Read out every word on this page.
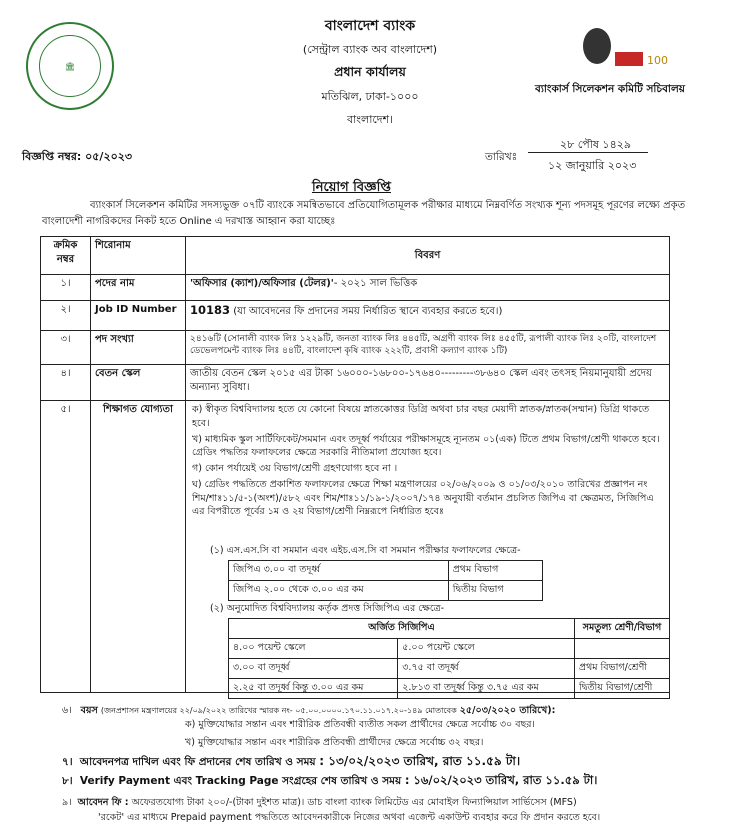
🏛
বাংলাদেশ ব্যাংক
(সেন্ট্রাল ব্যাংক অব বাংলাদেশ)
প্রধান কার্যালয়
মতিঝিল, ঢাকা-১০০০
বাংলাদেশ।
100
ব্যাংকার্স সিলেকশন কমিটি সচিবালয়
বিজ্ঞপ্তি নম্বর: ০৫/২০২৩	তারিখঃ
২৮ পৌষ ১৪২৯
১২ জানুয়ারি ২০২৩
নিয়োগ বিজ্ঞপ্তি
ব্যাংকার্স সিলেকশন কমিটির সদস্যভুক্ত ০৭টি ব্যাংকে সমন্বিতভাবে প্রতিযোগিতামূলক পরীক্ষার মাধ্যমে নিম্নবর্ণিত সংখ্যক শূন্য পদসমূহ পূরণের লক্ষ্যে প্রকৃত বাংলাদেশী নাগরিকদের নিকট হতে Online এ দরখাস্ত আহ্বান করা যাচ্ছেঃ
ক্রমিক নম্বর	শিরোনাম	বিবরণ
১।	পদের নাম	'অফিসার (ক্যাশ)/অফিসার (টেলর)'- ২০২১ সাল ভিত্তিক
২।	Job ID Number	10183 (যা আবেদনের ফি প্রদানের সময় নির্ধারিত স্থানে ব্যবহার করতে হবে।)
৩।	পদ সংখ্যা	২৪১৬টি (সোনালী ব্যাংক লিঃ ১২২৯টি, জনতা ব্যাংক লিঃ ৪৪৫টি, অগ্রণী ব্যাংক লিঃ ৪৫৫টি, রূপালী ব্যাংক লিঃ ২০টি, বাংলাদেশ ডেভেলপমেন্ট ব্যাংক লিঃ ৪৪টি, বাংলাদেশ কৃষি ব্যাংক ২২২টি, প্রবাসী কল্যাণ ব্যাংক ১টি)
৪।	বেতন স্কেল	জাতীয় বেতন স্কেল ২০১৫ এর টাকা ১৬০০০-১৬৮০০-১৭৬৪০---------৩৮৬৪০ স্কেল এবং তৎসহ নিয়মানুযায়ী প্রদেয় অন্যান্য সুবিধা।
৫।	শিক্ষাগত যোগ্যতা	ক) স্বীকৃত বিশ্ববিদ্যালয় হতে যে কোনো বিষয়ে স্নাতকোত্তর ডিগ্রি অথবা চার বছর মেয়াদী স্নাতক/স্নাতক(সম্মান) ডিগ্রি থাকতে হবে।
খ) মাধ্যমিক স্কুল সার্টিফিকেট/সমমান এবং তদূর্ধ্ব পর্যায়ের পরীক্ষাসমূহে ন্যূনতম ০১(এক) টিতে প্রথম বিভাগ/শ্রেণী থাকতে হবে। গ্রেডিং পদ্ধতির ফলাফলের ক্ষেত্রে সরকারি নীতিমালা প্রযোজ্য হবে।
গ) কোন পর্যায়েই ৩য় বিভাগ/শ্রেণী গ্রহণযোগ্য হবে না ।
ঘ) গ্রেডিং পদ্ধতিতে প্রকাশিত ফলাফলের ক্ষেত্রে শিক্ষা মন্ত্রণালয়ের ০২/০৬/২০০৯ ও ০১/০৩/২০১০ তারিখের প্রজ্ঞাপন নং শিম/শাঃ১১/৫-১(অংশ)/৫৮২ এবং শিম/শাঃ১১/১৯-১/২০০৭/১৭৪ অনুযায়ী বর্তমান প্রচলিত জিপিএ বা ক্ষেত্রমত, সিজিপিএ এর বিপরীতে পূর্বের ১ম ও ২য় বিভাগ/শ্রেণী নিম্নরূপে নির্ধারিত হবেঃ
(১) এস.এস.সি বা সমমান এবং এইচ.এস.সি বা সমমান পরীক্ষার ফলাফলের ক্ষেত্রে-
জিপিএ ৩.০০ বা তদূর্ধ্ব	প্রথম বিভাগ
জিপিএ ২.০০ থেকে ৩.০০ এর কম	দ্বিতীয় বিভাগ
(২) অনুমোদিত বিশ্ববিদ্যালয় কর্তৃক প্রদত্ত সিজিপিএ এর ক্ষেত্রে-
অর্জিত সিজিপিএ		সমতুল্য শ্রেণী/বিভাগ
৪.০০ পয়েন্ট স্কেলে	৫.০০ পয়েন্ট স্কেলে	
৩.০০ বা তদূর্ধ্ব	৩.৭৫ বা তদূর্ধ্ব	প্রথম বিভাগ/শ্রেণী
২.২৫ বা তদূর্ধ্ব কিন্তু ৩.০০ এর কম	২.৮১৩ বা তদূর্ধ্ব কিন্তু ৩.৭৫ এর কম	দ্বিতীয় বিভাগ/শ্রেণী
৬। বয়স (জনপ্রশাসন মন্ত্রণালয়ের ২২/০৯/২০২২ তারিখের স্মারক নং- ০৫.০০.০০০০.১৭০.১১.০১৭.২০-১৪৯ মোতাবেক ২৫/০৩/২০২০ তারিখে):
ক) মুক্তিযোদ্ধার সন্তান এবং শারীরিক প্রতিবন্ধী ব্যতীত সকল প্রার্থীদের ক্ষেত্রে সর্বোচ্চ ৩০ বছর।
খ) মুক্তিযোদ্ধার সন্তান এবং শারীরিক প্রতিবন্ধী প্রার্থীদের ক্ষেত্রে সর্বোচ্চ ৩২ বছর।
৭। আবেদনপত্র দাখিল এবং ফি প্রদানের শেষ তারিখ ও সময় : ১৩/০২/২০২৩ তারিখ, রাত ১১.৫৯ টা।
৮। Verify Payment এবং Tracking Page সংগ্রহের শেষ তারিখ ও সময় : ১৬/০২/২০২৩ তারিখ, রাত ১১.৫৯ টা।
৯। আবেদন ফি : অফেরতযোগ্য টাকা ২০০/-(টাকা দুইশত মাত্র)। ডাচ বাংলা ব্যাংক লিমিটেড এর মোবাইল ফিন্যান্সিয়াল সার্ভিসেস (MFS)
'রকেট' এর মাধ্যমে Prepaid payment পদ্ধতিতে আবেদনকারীকে নিজের অথবা এজেন্ট একাউন্ট ব্যবহার করে ফি প্রদান করতে হবে।
